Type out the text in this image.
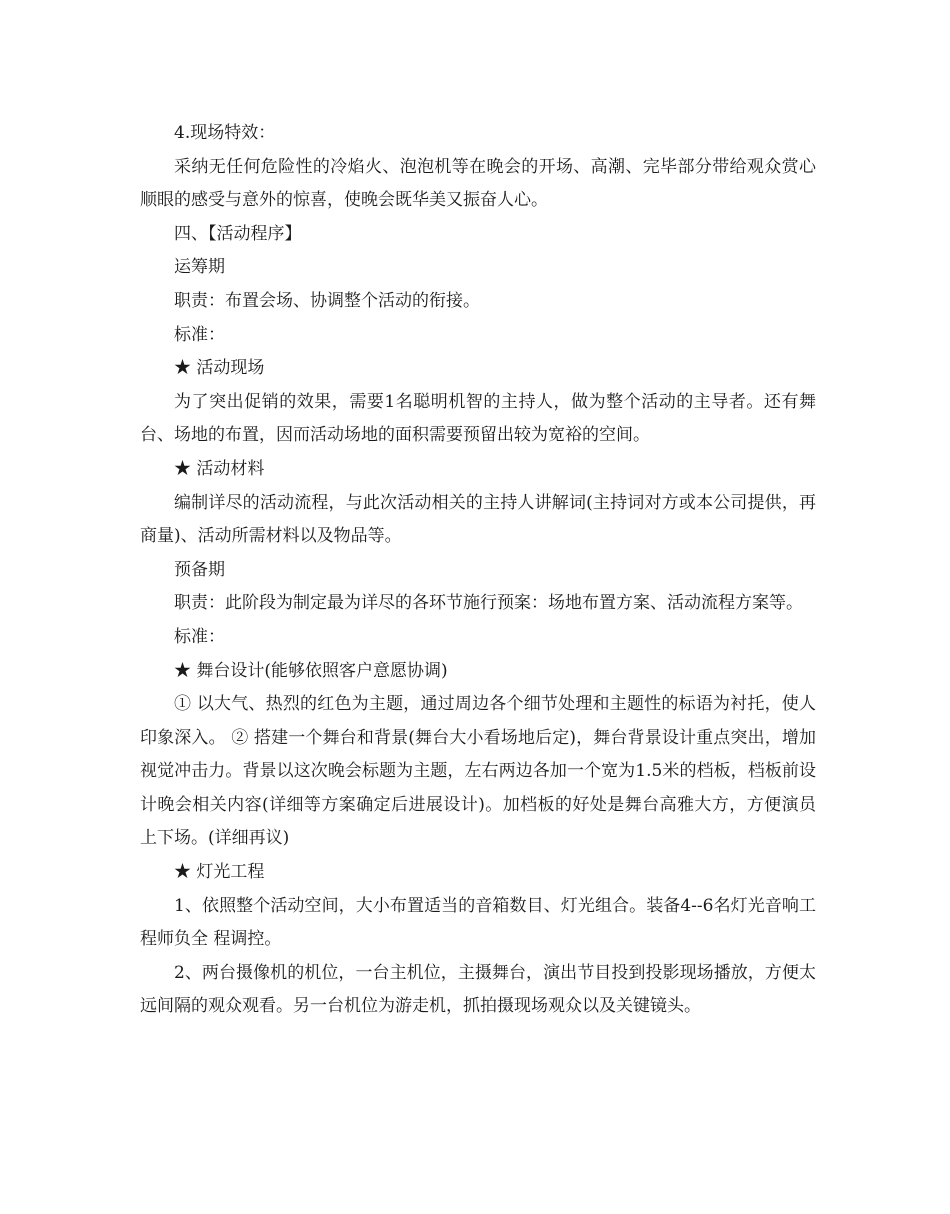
4.现场特效：

采纳无任何危险性的冷焰火、泡泡机等在晚会的开场、高潮、完毕部分带给观众赏心顺眼的感受与意外的惊喜，使晚会既华美又振奋人心。

四、【活动程序】

运筹期

职责：布置会场、协调整个活动的衔接。

标准：

★ 活动现场

为了突出促销的效果，需要1名聪明机智的主持人，做为整个活动的主导者。还有舞台、场地的布置，因而活动场地的面积需要预留出较为宽裕的空间。

★ 活动材料

编制详尽的活动流程，与此次活动相关的主持人讲解词(主持词对方或本公司提供，再商量)、活动所需材料以及物品等。

预备期

职责：此阶段为制定最为详尽的各环节施行预案：场地布置方案、活动流程方案等。

标准：

★ 舞台设计(能够依照客户意愿协调)

① 以大气、热烈的红色为主题，通过周边各个细节处理和主题性的标语为衬托，使人印象深入。 ② 搭建一个舞台和背景(舞台大小看场地后定)，舞台背景设计重点突出，增加视觉冲击力。背景以这次晚会标题为主题，左右两边各加一个宽为1.5米的档板，档板前设计晚会相关内容(详细等方案确定后进展设计)。加档板的好处是舞台高雅大方，方便演员上下场。(详细再议)

★ 灯光工程

1、依照整个活动空间，大小布置适当的音箱数目、灯光组合。装备4--6名灯光音响工程师负全 程调控。

2、两台摄像机的机位，一台主机位，主摄舞台，演出节目投到投影现场播放，方便太远间隔的观众观看。另一台机位为游走机，抓拍摄现场观众以及关键镜头。
